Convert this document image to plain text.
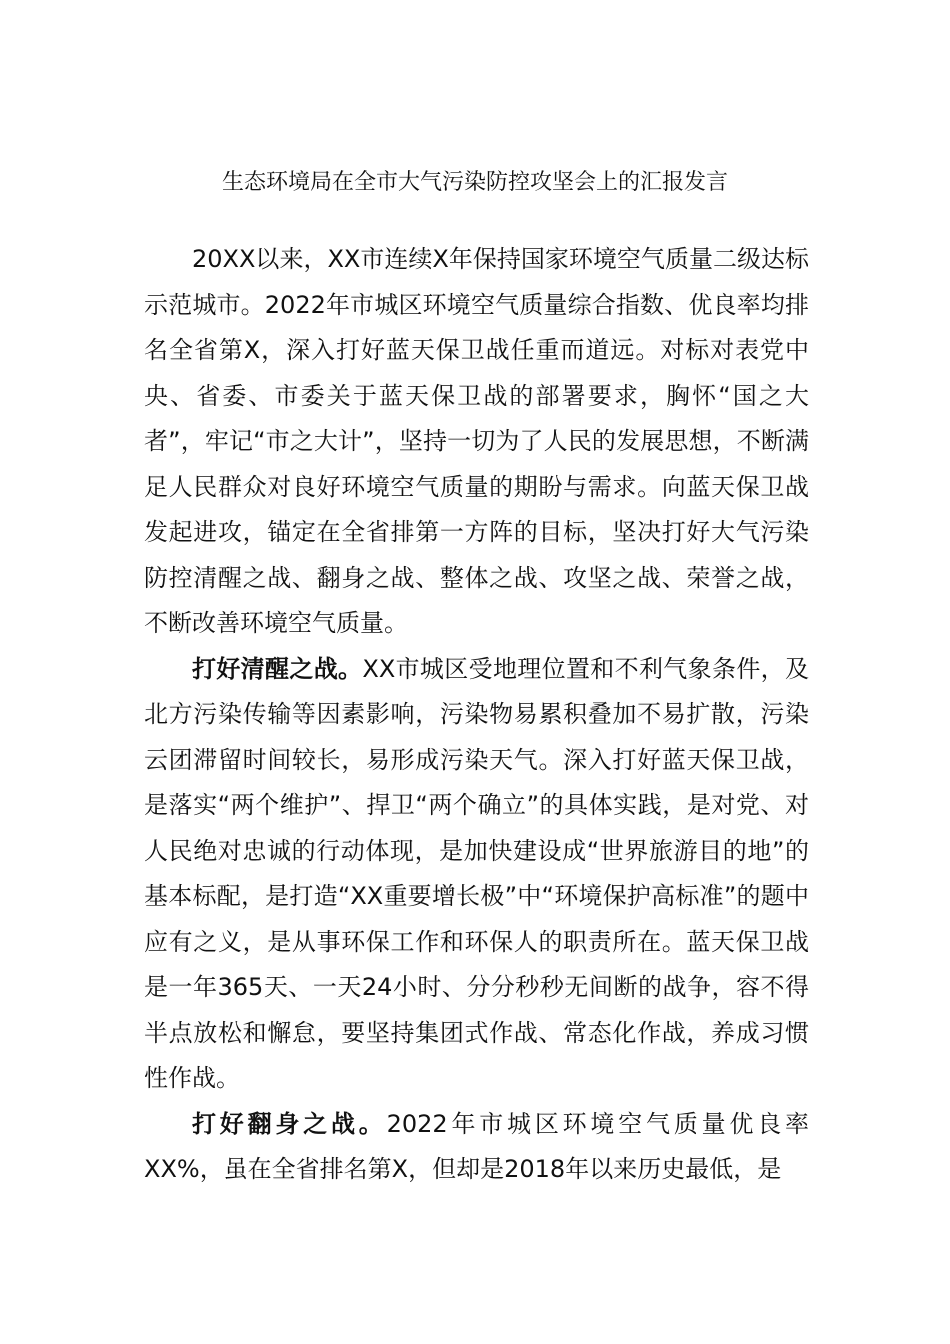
生态环境局在全市大气污染防控攻坚会上的汇报发言

20XX以来，XX市连续X年保持国家环境空气质量二级达标示范城市。2022年市城区环境空气质量综合指数、优良率均排名全省第X，深入打好蓝天保卫战任重而道远。对标对表党中央、省委、市委关于蓝天保卫战的部署要求，胸怀“国之大者”，牢记“市之大计”，坚持一切为了人民的发展思想，不断满足人民群众对良好环境空气质量的期盼与需求。向蓝天保卫战发起进攻，锚定在全省排第一方阵的目标，坚决打好大气污染防控清醒之战、翻身之战、整体之战、攻坚之战、荣誉之战，不断改善环境空气质量。

打好清醒之战。XX市城区受地理位置和不利气象条件，及北方污染传输等因素影响，污染物易累积叠加不易扩散，污染云团滞留时间较长，易形成污染天气。深入打好蓝天保卫战，是落实“两个维护”、捍卫“两个确立”的具体实践，是对党、对人民绝对忠诚的行动体现，是加快建设成“世界旅游目的地”的基本标配，是打造“XX重要增长极”中“环境保护高标准”的题中应有之义，是从事环保工作和环保人的职责所在。蓝天保卫战是一年365天、一天24小时、分分秒秒无间断的战争，容不得半点放松和懈怠，要坚持集团式作战、常态化作战，养成习惯性作战。

打好翻身之战。2022年市城区环境空气质量优良率XX%，虽在全省排名第X，但却是2018年以来历史最低，是
